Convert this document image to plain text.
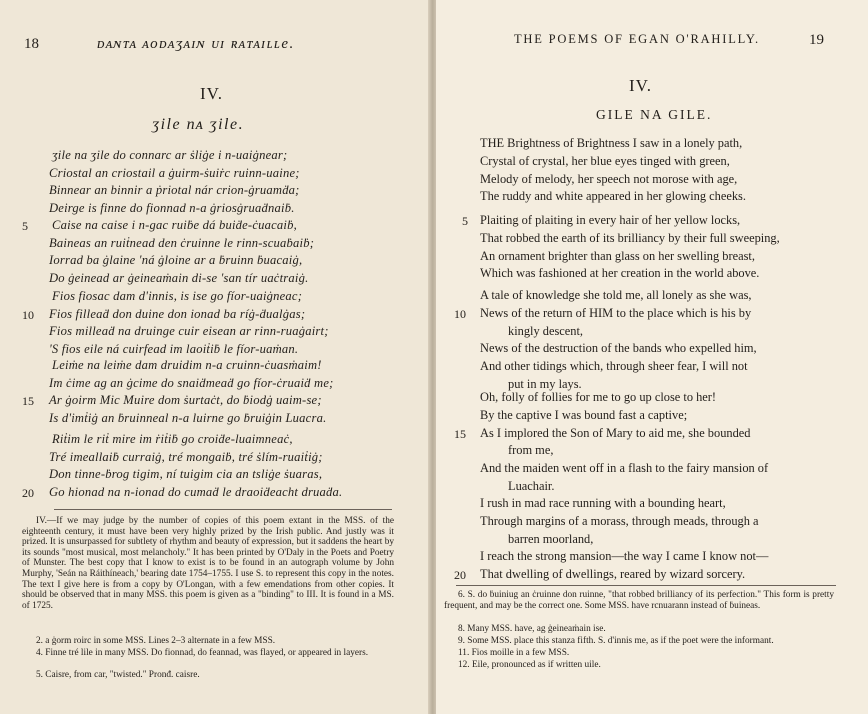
18	ᴅᴀɴᴛᴀ ᴀoᴅᴀʒᴀɪɴ ᴜɪ ʀᴀᴛᴀɪʟʟe.
IV.
ʒile nᴀ ʒile.
ʒile na ʒile do connarc ar ṡliġe i n-uaiġnear;
Criostal an criostail a ġuirm-ṡuiṙc ruinn-uaine;
Binnear an binnir a ṗriotal nár crion-ġruamḋa;
Deirge is finne do fionnad n-a ġriosġruaḋnaiḃ.
5 Caise na caise i n-gac ruiḃe dá buiḋe-ċuacaiḃ,
Baineas an ruiṫnead den ċruinne le rinn-scuaḃaiḃ;
Iorrad ba ġlaine 'ná ġloine ar a ḃruinn ḃuacaiġ,
Do ġeinead ar ġeineaṁain di-se 'san tír uaċtraiġ.
Fios fiosac dam d'innis, is ise go fíor-uaiġneac;
10 Fios filleaḋ don duine don ionad ba ríġ-ḋualġas;
Fios milleaḋ na druinge cuir eisean ar rinn-ruaġairt;
'S fios eile ná cuirfead im laoiṫiḃ le fíor-uaṁan.
Leiṁe na leiṁe dam druidim n-a cruinn-ċuasṁaim!
Im ċime ag an ġcime do snaiḋmeaḋ go fíor-ċruaiḋ me;
15 Ar ġoirm Mic Muire dom ṡurtaċt, do ḃiodġ uaim-se;
Is d'imṫiġ an ḃruinneal n-a luirne go ḃruiġin Luacra.
Riṫim le riṫ mire im ṙiṫiḃ go croiḋe-luaimneaċ,
Tré imeallaiḃ curraiġ, tré mongaiḃ, tré ṡlím-ruaiṫiġ;
Don tinne-ḃrog tigim, ní tuigim cia an tsliġe ṡuaras,
20 Go hionad na n-ionad do cumaḋ le draoiḋeacht druaḋa.
IV.—If we may judge by the number of copies of this poem extant in the MSS. of the eighteenth century, it must have been very highly prized by the Irish public. And justly was it prized. It is unsurpassed for subtlety of rhythm and beauty of expression, but it saddens the heart by its sounds "most musical, most melancholy." It has been printed by O'Daly in the Poets and Poetry of Munster. The best copy that I know to exist is to be found in an autograph volume by John Murphy, 'Seán na Ráithíneach,' bearing date 1754–1755. I use S. to represent this copy in the notes. The text I give here is from a copy by O'Longan, with a few emendations from other copies. It should be observed that in many MSS. this poem is given as a "binding" to III. It is found in a MS. of 1725.
2. a ġorm roirc in some MSS. Lines 2–3 alternate in a few MSS.
4. Finne tré lile in many MSS. Do fionnad, do feannad, was flayed, or appeared in layers.
5. Caisre, from car, "twisted." Pronđ. caisre.
THE POEMS OF EGAN O'RAHILLY.	19
IV.
GILE NA GILE.
THE Brightness of Brightness I saw in a lonely path,
Crystal of crystal, her blue eyes tinged with green,
Melody of melody, her speech not morose with age,
The ruddy and white appeared in her glowing cheeks.
5 Plaiting of plaiting in every hair of her yellow locks,
That robbed the earth of its brilliancy by their full sweeping,
An ornament brighter than glass on her swelling breast,
Which was fashioned at her creation in the world above.
A tale of knowledge she told me, all lonely as she was,
10 News of the return of HIM to the place which is his by
kingly descent,
News of the destruction of the bands who expelled him,
And other tidings which, through sheer fear, I will not
put in my lays.
Oh, folly of follies for me to go up close to her!
By the captive I was bound fast a captive;
15 As I implored the Son of Mary to aid me, she bounded
from me,
And the maiden went off in a flash to the fairy mansion of
Luachair.
I rush in mad race running with a bounding heart,
Through margins of a morass, through meads, through a
barren moorland,
I reach the strong mansion—the way I came I know not—
20 That dwelling of dwellings, reared by wizard sorcery.
6. S. do ḃuiniug an ċruinne don ruinne, "that robbed brilliancy of its perfection." This form is pretty frequent, and may be the correct one. Some MSS. have rcnuarann instead of ḃuineas.
8. Many MSS. have, ag ġeineaṁain ise.
9. Some MSS. place this stanza fifth. S. d'innis me, as if the poet were the informant.
11. Fios moille in a few MSS.
12. Eile, pronounced as if written uile.
